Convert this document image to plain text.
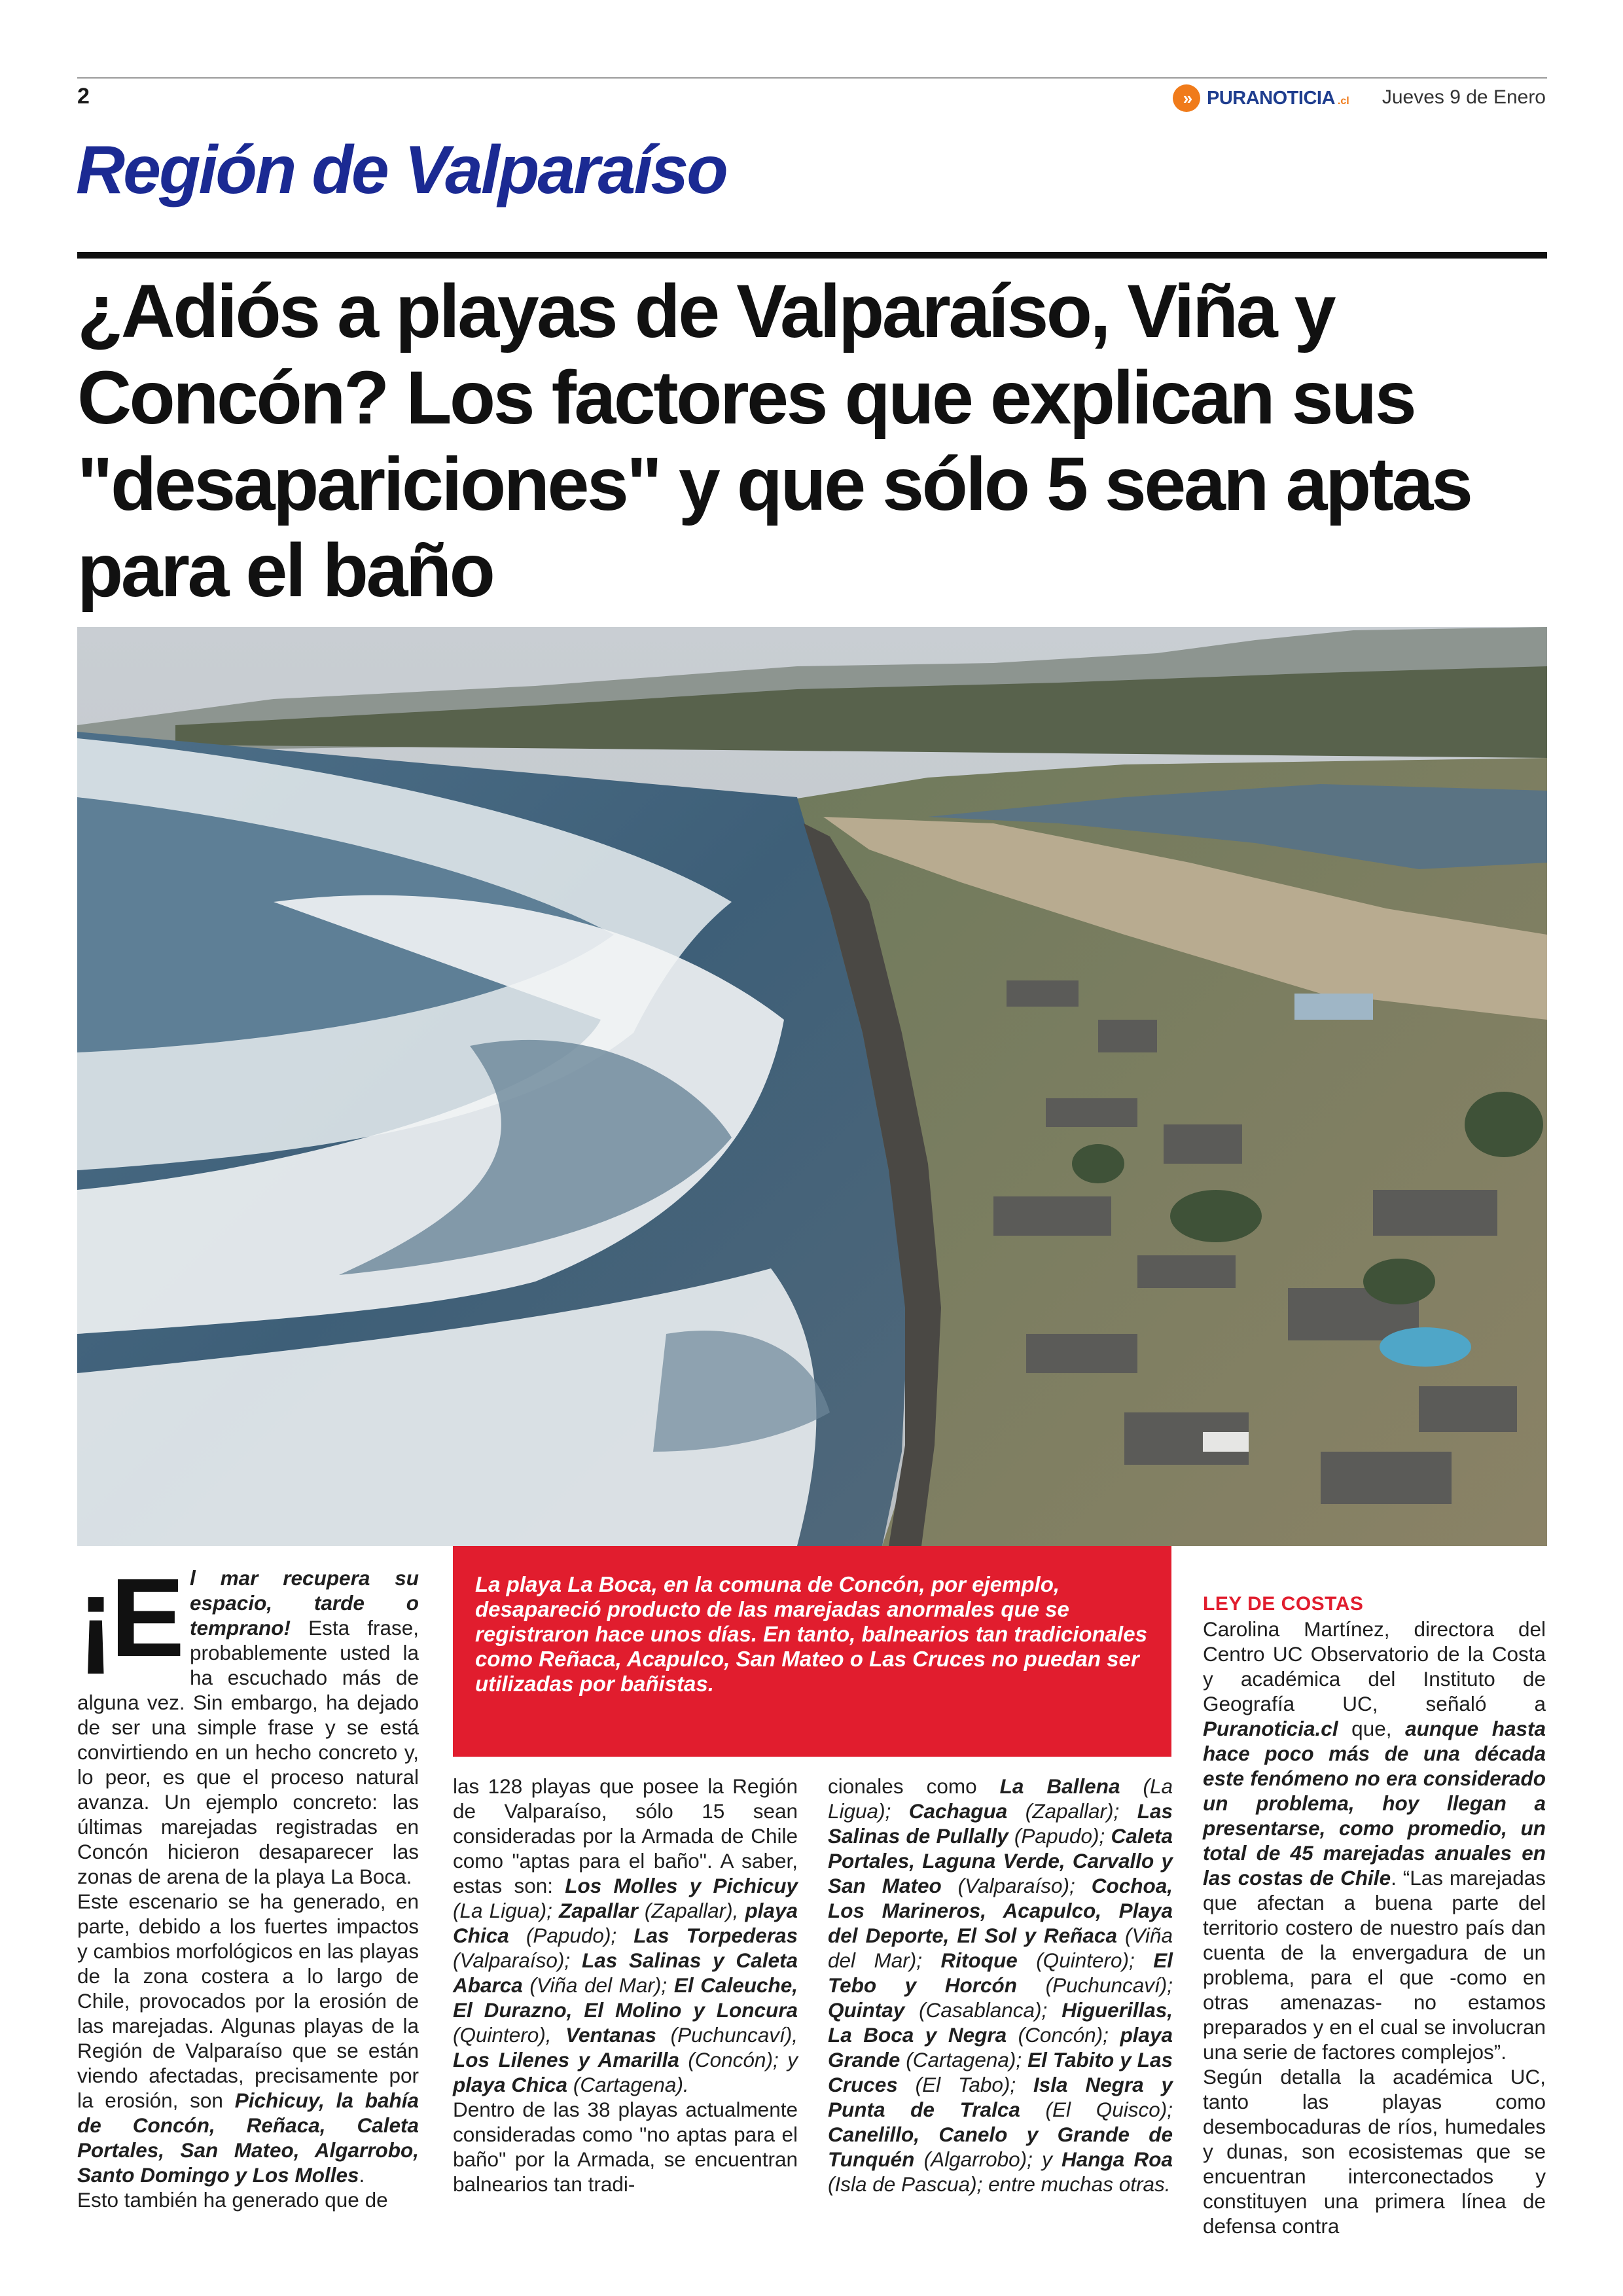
2	» PURANOTICIA .cl Jueves 9 de Enero
Región de Valparaíso
¿Adiós a playas de Valparaíso, Viña y Concón? Los factores que explican sus "desapariciones" y que sólo 5 sean aptas para el baño
¡E l mar recupera su espacio, tarde o temprano! Esta frase, probablemente usted la ha escuchado más de alguna vez. Sin embargo, ha dejado de ser una simple frase y se está convirtiendo en un hecho concreto y, lo peor, es que el proceso natural avanza. Un ejemplo concreto: las últimas marejadas registradas en Concón hicieron desaparecer las zonas de arena de la playa La Boca.

Este escenario se ha generado, en parte, debido a los fuertes impactos y cambios morfológicos en las playas de la zona costera a lo largo de Chile, provocados por la erosión de las marejadas. Algunas playas de la Región de Valparaíso que se están viendo afectadas, precisamente por la erosión, son Pichicuy, la bahía de Concón, Reñaca, Caleta Portales, San Mateo, Algarrobo, Santo Domingo y Los Molles.

Esto también ha generado que de

La playa La Boca, en la comuna de Concón, por ejemplo, desapareció producto de las marejadas anormales que se registraron hace unos días. En tanto, balnearios tan tradicionales como Reñaca, Acapulco, San Mateo o Las Cruces no puedan ser utilizadas por bañistas.

las 128 playas que posee la Región de Valparaíso, sólo 15 sean consideradas por la Armada de Chile como "aptas para el baño". A saber, estas son: Los Molles y Pichicuy (La Ligua); Zapallar (Zapallar), playa Chica (Papudo); Las Torpederas (Valparaíso); Las Salinas y Caleta Abarca (Viña del Mar); El Caleuche, El Durazno, El Molino y Loncura (Quintero), Ventanas (Puchuncaví), Los Lilenes y Amarilla (Concón); y playa Chica (Cartagena).

Dentro de las 38 playas actualmente consideradas como "no aptas para el baño" por la Armada, se encuentran balnearios tan tradi-

cionales como La Ballena (La Ligua); Cachagua (Zapallar); Las Salinas de Pullally (Papudo); Caleta Portales, Laguna Verde, Carvallo y San Mateo (Valparaíso); Cochoa, Los Marineros, Acapulco, Playa del Deporte, El Sol y Reñaca (Viña del Mar); Ritoque (Quintero); El Tebo y Horcón (Puchuncaví); Quintay (Casablanca); Higuerillas, La Boca y Negra (Concón); playa Grande (Cartagena); El Tabito y Las Cruces (El Tabo); Isla Negra y Punta de Tralca (El Quisco); Canelillo, Canelo y Grande de Tunquén (Algarrobo); y Hanga Roa (Isla de Pascua); entre muchas otras.

LEY DE COSTAS

Carolina Martínez, directora del Centro UC Observatorio de la Costa y académica del Instituto de Geografía UC, señaló a Puranoticia.cl que, aunque hasta hace poco más de una década este fenómeno no era considerado un problema, hoy llegan a presentarse, como promedio, un total de 45 marejadas anuales en las costas de Chile. “Las marejadas que afectan a buena parte del territorio costero de nuestro país dan cuenta de la envergadura de un problema, para el que -como en otras amenazas- no estamos preparados y en el cual se involucran una serie de factores complejos”.

Según detalla la académica UC, tanto las playas como desembocaduras de ríos, humedales y dunas, son ecosistemas que se encuentran interconectados y constituyen una primera línea de defensa contra
